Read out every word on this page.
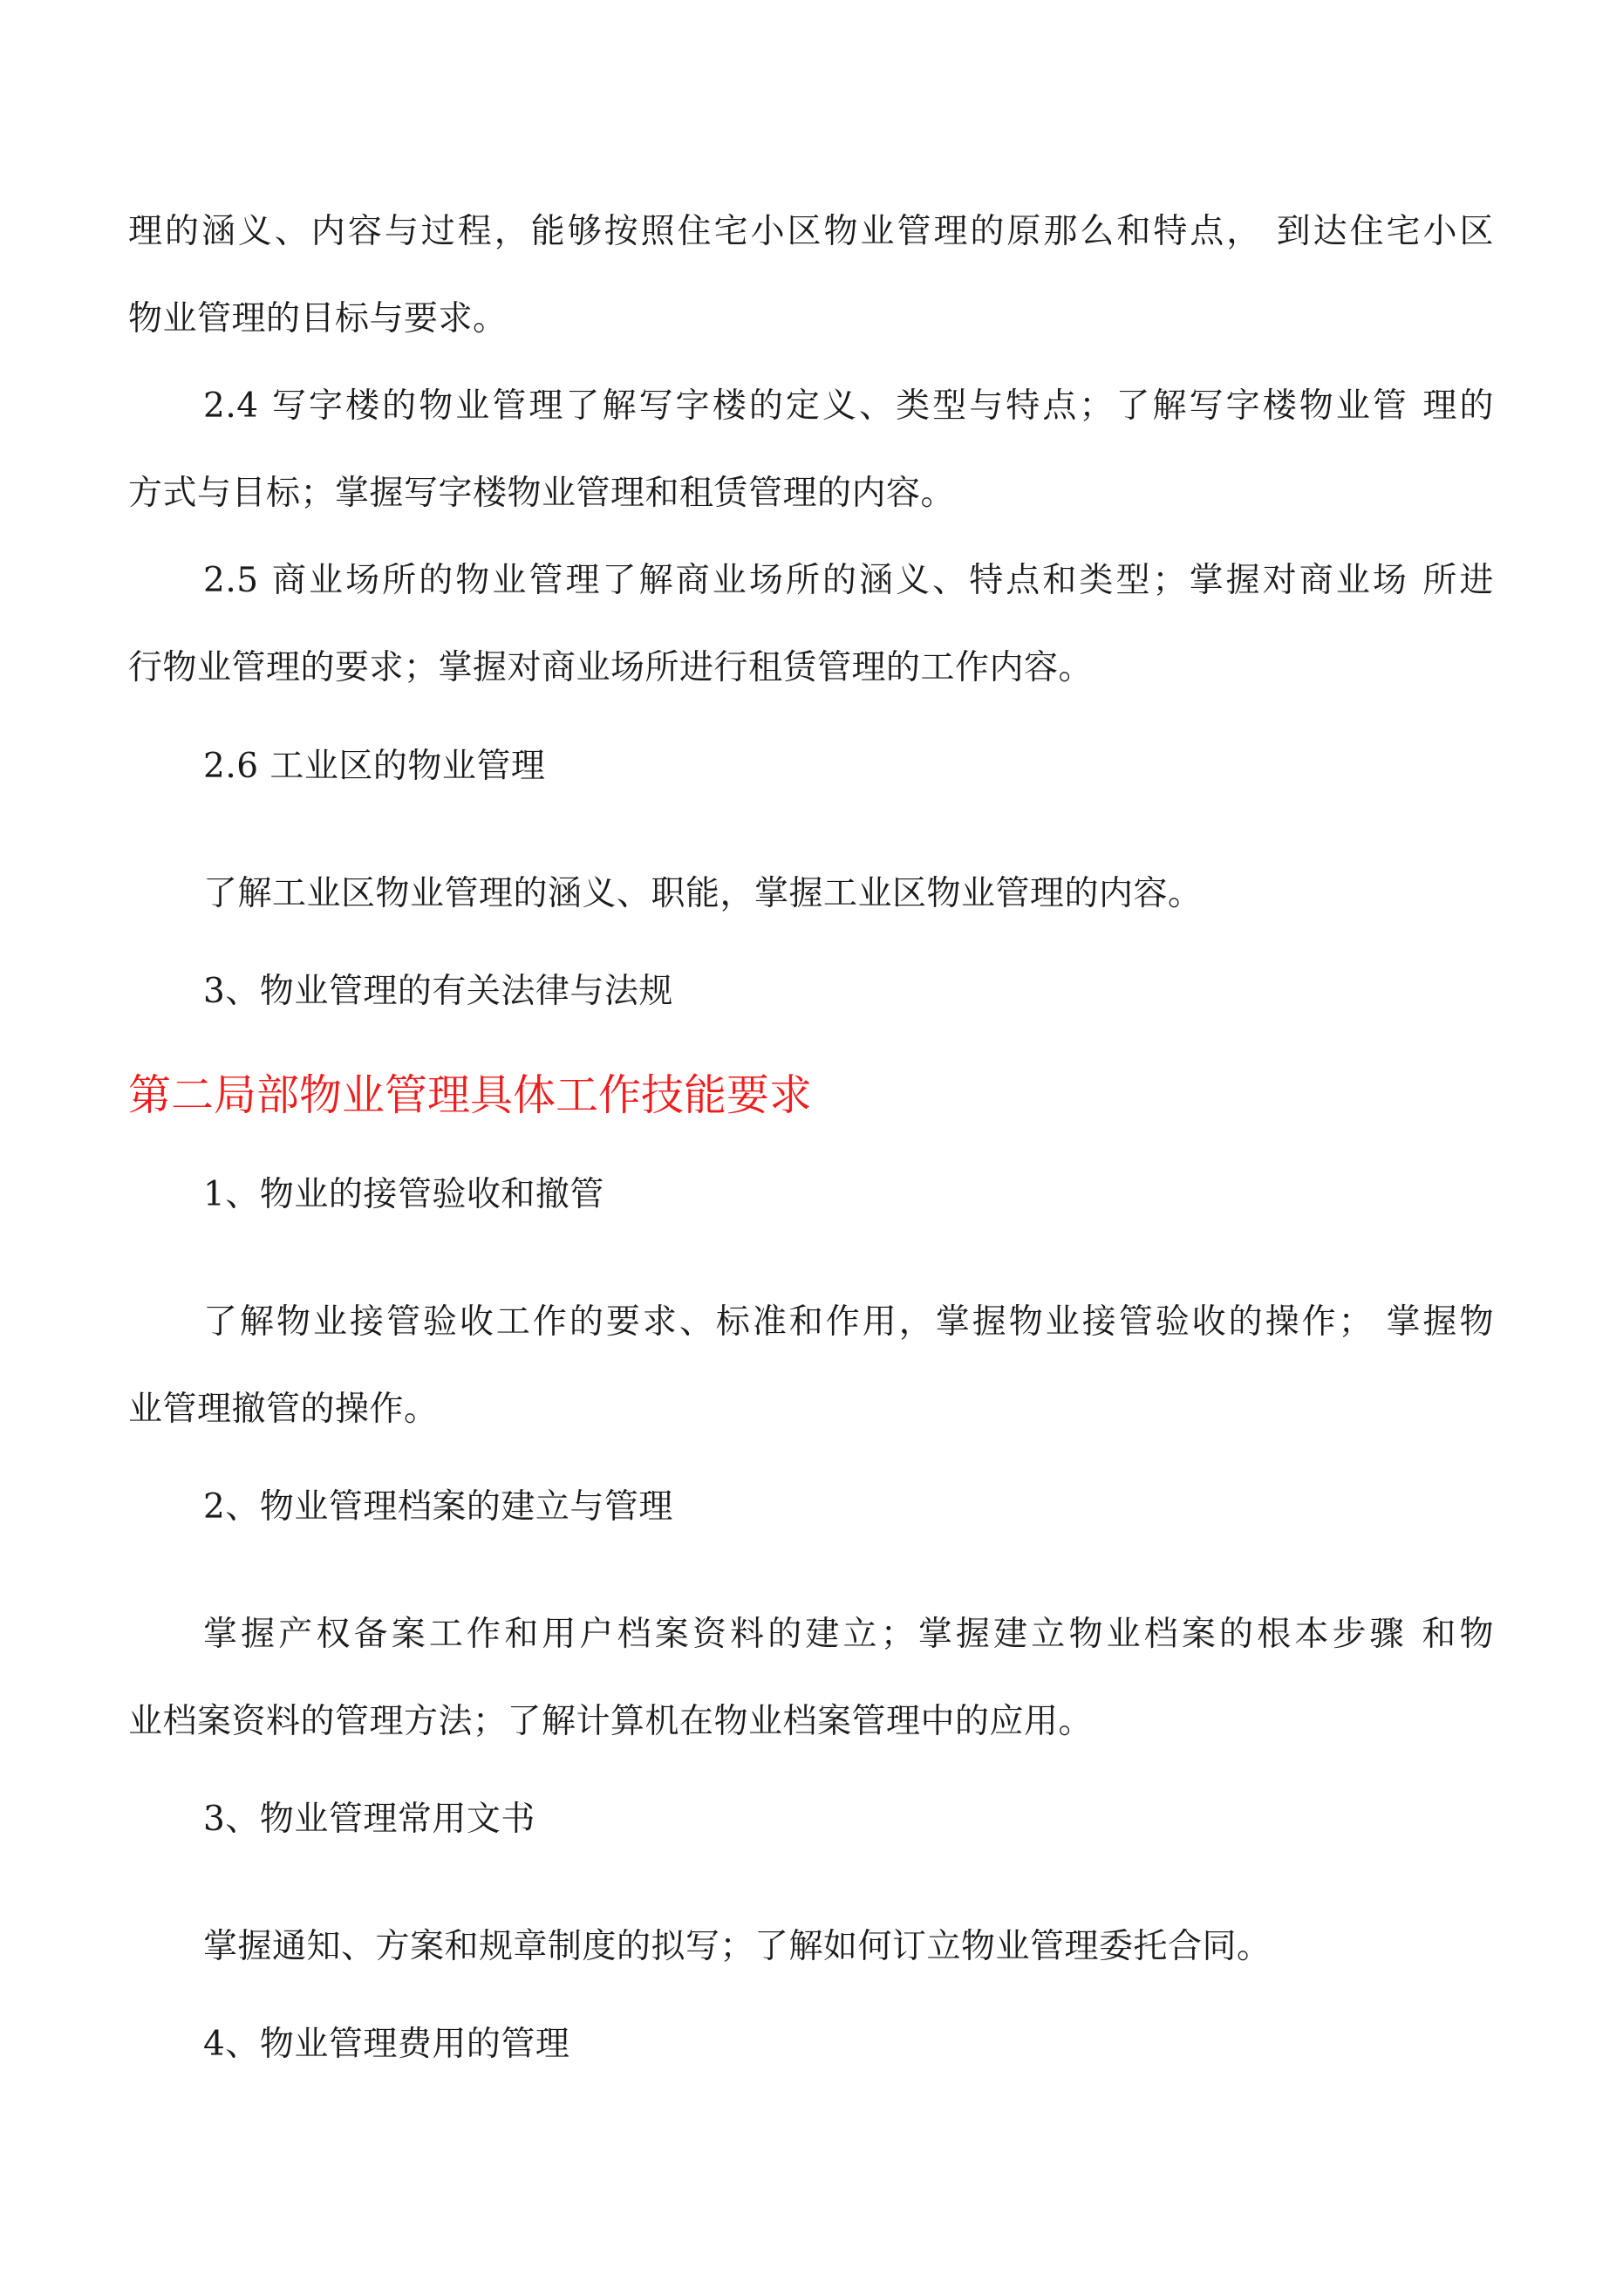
理的涵义、内容与过程，能够按照住宅小区物业管理的原那么和特点， 到达住宅小区
物业管理的目标与要求。
2.4 写字楼的物业管理了解写字楼的定义、类型与特点；了解写字楼物业管 理的
方式与目标；掌握写字楼物业管理和租赁管理的内容。
2.5 商业场所的物业管理了解商业场所的涵义、特点和类型；掌握对商业场 所进
行物业管理的要求；掌握对商业场所进行租赁管理的工作内容。
2.6 工业区的物业管理
了解工业区物业管理的涵义、职能，掌握工业区物业管理的内容。
3、物业管理的有关法律与法规
第二局部物业管理具体工作技能要求
1、物业的接管验收和撤管
了解物业接管验收工作的要求、标准和作用，掌握物业接管验收的操作； 掌握物
业管理撤管的操作。
2、物业管理档案的建立与管理
掌握产权备案工作和用户档案资料的建立；掌握建立物业档案的根本步骤 和物
业档案资料的管理方法；了解计算机在物业档案管理中的应用。
3、物业管理常用文书
掌握通知、方案和规章制度的拟写；了解如何订立物业管理委托合同。
4、物业管理费用的管理
